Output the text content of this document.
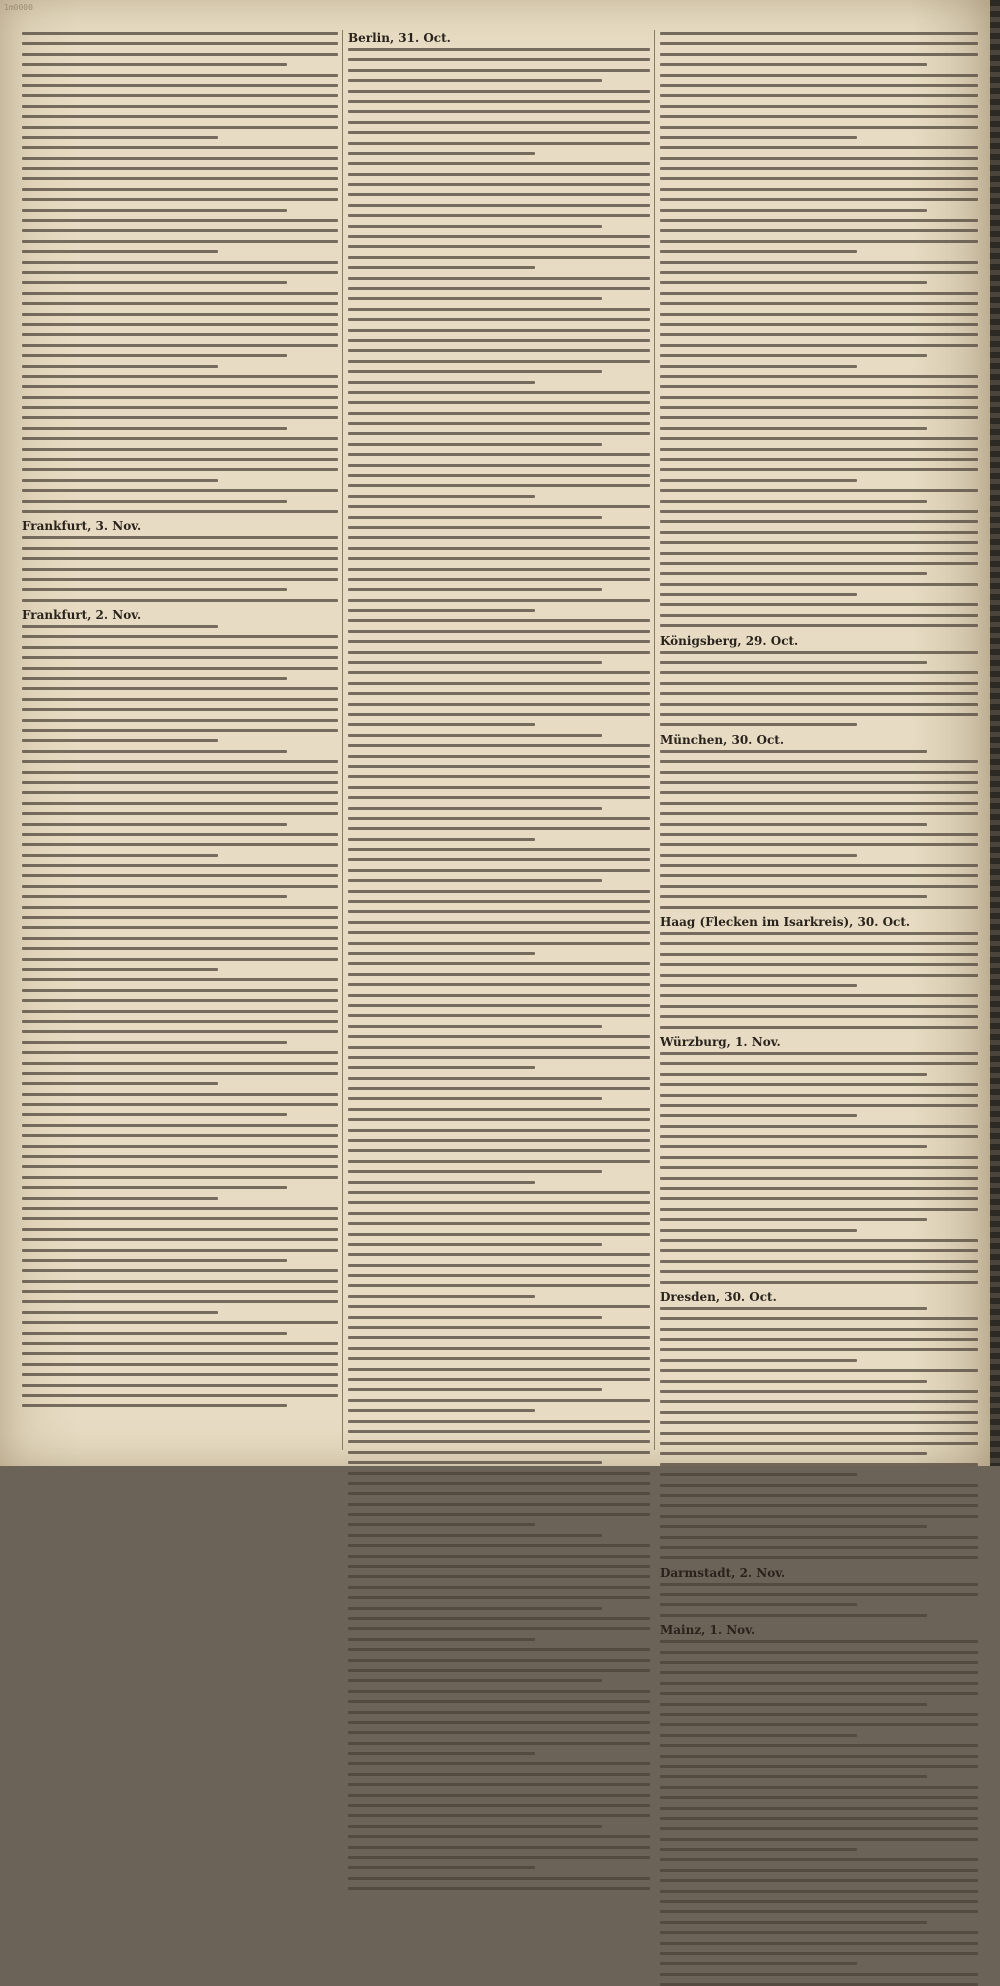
1m0000
Frankfurt, 3. Nov.
Frankfurt, 2. Nov.
Berlin, 31. Oct.
Königsberg, 29. Oct.
München, 30. Oct.
Haag (Flecken im Isarkreis), 30. Oct.
Würzburg, 1. Nov.
Dresden, 30. Oct.
Darmstadt, 2. Nov.
Mainz, 1. Nov.
